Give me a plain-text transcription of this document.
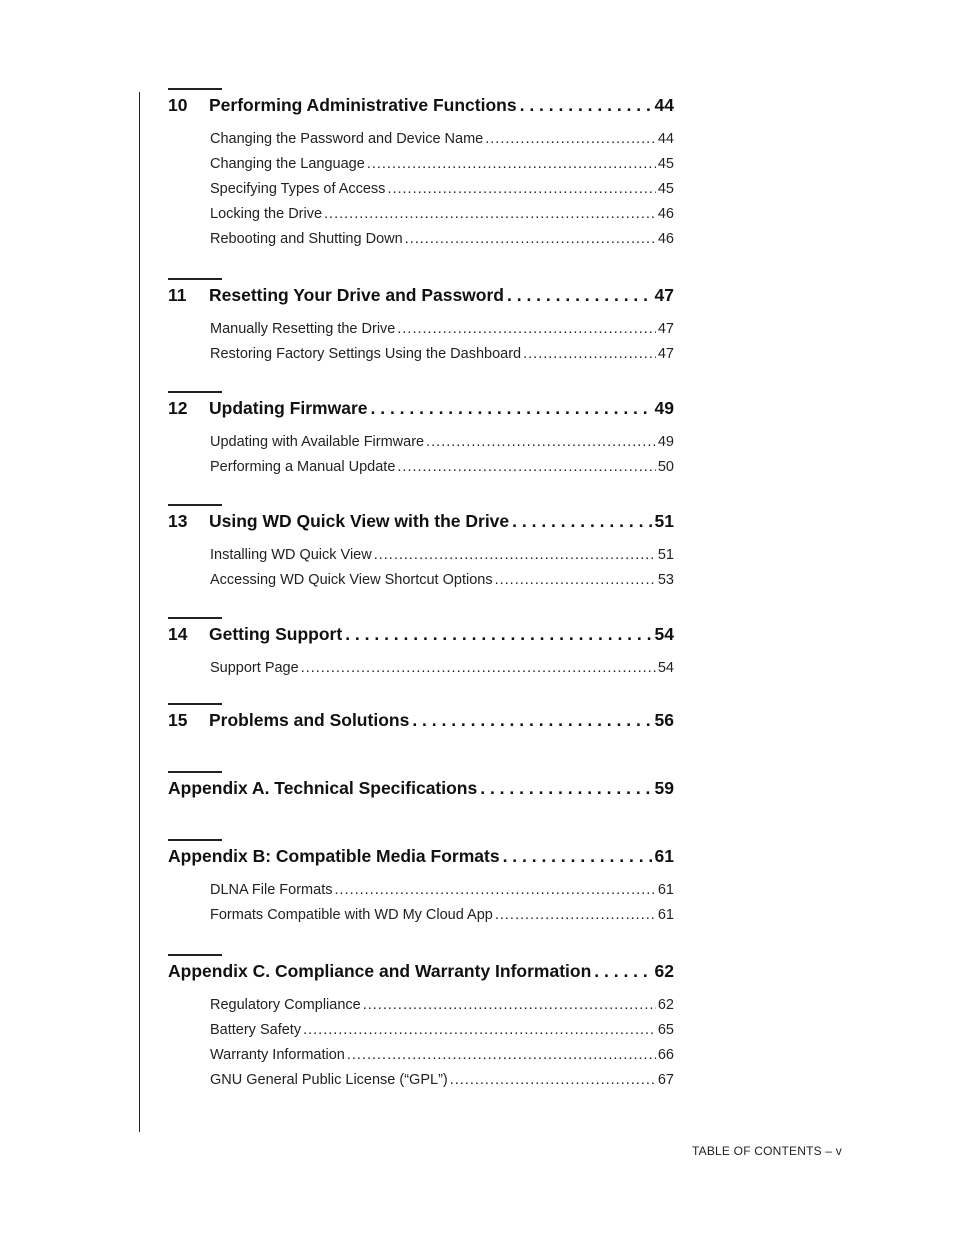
10	Performing Administrative Functions . . .	44
Changing the Password and Device Name .....	44
Changing the Language .....	45
Specifying Types of Access .....	45
Locking the Drive .....	46
Rebooting and Shutting Down .....	46
11	Resetting Your Drive and Password . . .	47
Manually Resetting the Drive .....	47
Restoring Factory Settings Using the Dashboard .....	47
12	Updating Firmware . . .	49
Updating with Available Firmware .....	49
Performing a Manual Update .....	50
13	Using WD Quick View with the Drive . . .	51
Installing WD Quick View .....	51
Accessing WD Quick View Shortcut Options .....	53
14	Getting Support . . .	54
Support Page .....	54
15	Problems and Solutions . . .	56
Appendix A. Technical Specifications . . .	59
Appendix B: Compatible Media Formats . . .	61
DLNA File Formats .....	61
Formats Compatible with WD My Cloud App .....	61
Appendix C. Compliance and Warranty Information . . .	62
Regulatory Compliance .....	62
Battery Safety .....	65
Warranty Information .....	66
GNU General Public License (“GPL”) .....	67
TABLE OF CONTENTS – v
